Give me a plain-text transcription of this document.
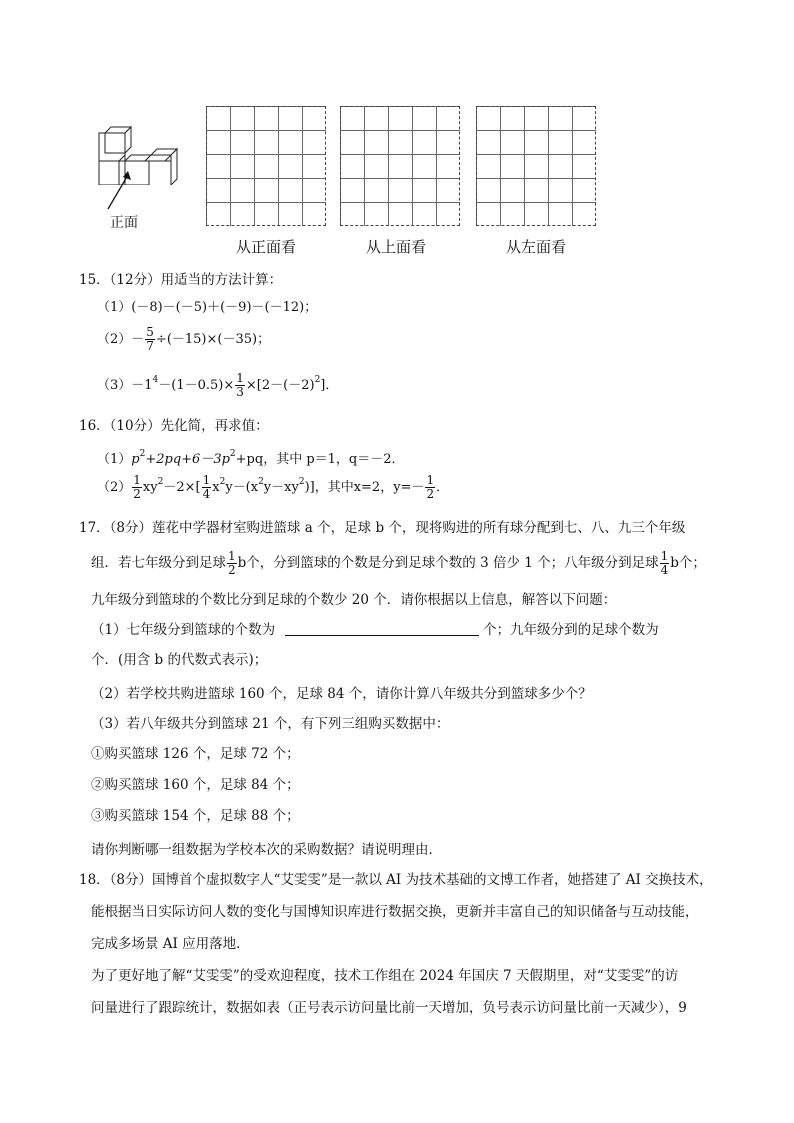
正面
从正面看	从上面看	从左面看
15．（12分）用适当的方法计算：
（1）(－8)－(－5)＋(－9)－(－12)；
$(2)- \frac{5}{7} \div(-15)\times(-35)$；
$(3)-1^4-(1-0.5)\times \frac{1}{3} \times[2-(-2)^2]$．
16．（10分）先化简，再求值：
$(1)p^2+2pq+6-3p^2+pq$，其中 p＝1，q＝－2．
$(2) \frac{1}{2} xy^2-2\times[ \frac{1}{4} x^2y-(x^2y-xy^2)]$，其中x=2，$y=- \frac{1}{2}$ ．
17．（8分）莲花中学器材室购进篮球 a 个，足球 b 个，现将购进的所有球分配到七、八、九三个年级
组．若七年级分到足球 $\frac{1}{2}$ b个，分到篮球的个数是分到足球个数的 3 倍少 1 个；八年级分到足球 $\frac{1}{4}$ b个；
九年级分到篮球的个数比分到足球的个数少 20 个．请你根据以上信息，解答以下问题：
（1）七年级分到篮球的个数为	个；九年级分到的足球个数为
个．(用含 b 的代数式表示)；
（2）若学校共购进篮球 160 个，足球 84 个，请你计算八年级共分到篮球多少个？
（3）若八年级共分到篮球 21 个，有下列三组购买数据中：
①购买篮球 126 个，足球 72 个；
②购买篮球 160 个，足球 84 个；
③购买篮球 154 个，足球 88 个；
请你判断哪一组数据为学校本次的采购数据？请说明理由．
18．（8分）国博首个虚拟数字人“艾雯雯”是一款以 AI 为技术基础的文博工作者，她搭建了 AI 交换技术，
能根据当日实际访问人数的变化与国博知识库进行数据交换，更新并丰富自己的知识储备与互动技能，
完成多场景 AI 应用落地．
为了更好地了解“艾雯雯”的受欢迎程度，技术工作组在 2024 年国庆 7 天假期里，对“艾雯雯”的访
问量进行了跟踪统计，数据如表（正号表示访问量比前一天增加，负号表示访问量比前一天减少），9
